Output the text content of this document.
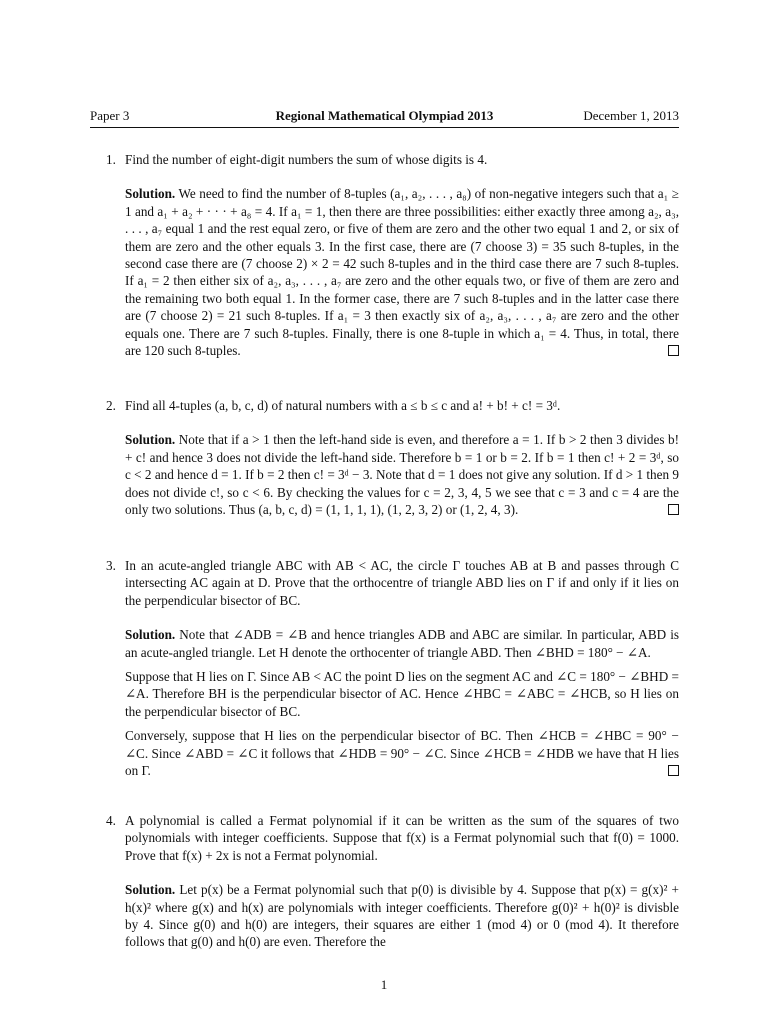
Paper 3	Regional Mathematical Olympiad 2013	December 1, 2013
1. Find the number of eight-digit numbers the sum of whose digits is 4.
Solution. We need to find the number of 8-tuples (a₁, a₂, . . . , a₈) of non-negative integers such that a₁ ≥ 1 and a₁ + a₂ + · · · + a₈ = 4. If a₁ = 1, then there are three possibilities: either exactly three among a₂, a₃, . . . , a₇ equal 1 and the rest equal zero, or five of them are zero and the other two equal 1 and 2, or six of them are zero and the other equals 3. In the first case, there are (7 choose 3) = 35 such 8-tuples, in the second case there are (7 choose 2) × 2 = 42 such 8-tuples and in the third case there are 7 such 8-tuples. If a₁ = 2 then either six of a₂, a₃, . . . , a₇ are zero and the other equals two, or five of them are zero and the remaining two both equal 1. In the former case, there are 7 such 8-tuples and in the latter case there are (7 choose 2) = 21 such 8-tuples. If a₁ = 3 then exactly six of a₂, a₃, . . . , a₇ are zero and the other equals one. There are 7 such 8-tuples. Finally, there is one 8-tuple in which a₁ = 4. Thus, in total, there are 120 such 8-tuples.
2. Find all 4-tuples (a, b, c, d) of natural numbers with a ≤ b ≤ c and a! + b! + c! = 3ᵈ.
Solution. Note that if a > 1 then the left-hand side is even, and therefore a = 1. If b > 2 then 3 divides b! + c! and hence 3 does not divide the left-hand side. Therefore b = 1 or b = 2. If b = 1 then c! + 2 = 3ᵈ, so c < 2 and hence d = 1. If b = 2 then c! = 3ᵈ − 3. Note that d = 1 does not give any solution. If d > 1 then 9 does not divide c!, so c < 6. By checking the values for c = 2, 3, 4, 5 we see that c = 3 and c = 4 are the only two solutions. Thus (a, b, c, d) = (1, 1, 1, 1), (1, 2, 3, 2) or (1, 2, 4, 3).
3. In an acute-angled triangle ABC with AB < AC, the circle Γ touches AB at B and passes through C intersecting AC again at D. Prove that the orthocentre of triangle ABD lies on Γ if and only if it lies on the perpendicular bisector of BC.
Solution. Note that ∠ADB = ∠B and hence triangles ADB and ABC are similar. In particular, ABD is an acute-angled triangle. Let H denote the orthocenter of triangle ABD. Then ∠BHD = 180° − ∠A.
Suppose that H lies on Γ. Since AB < AC the point D lies on the segment AC and ∠C = 180° − ∠BHD = ∠A. Therefore BH is the perpendicular bisector of AC. Hence ∠HBC = ∠ABC = ∠HCB, so H lies on the perpendicular bisector of BC.
Conversely, suppose that H lies on the perpendicular bisector of BC. Then ∠HCB = ∠HBC = 90° − ∠C. Since ∠ABD = ∠C it follows that ∠HDB = 90° − ∠C. Since ∠HCB = ∠HDB we have that H lies on Γ.
4. A polynomial is called a Fermat polynomial if it can be written as the sum of the squares of two polynomials with integer coefficients. Suppose that f(x) is a Fermat polynomial such that f(0) = 1000. Prove that f(x) + 2x is not a Fermat polynomial.
Solution. Let p(x) be a Fermat polynomial such that p(0) is divisible by 4. Suppose that p(x) = g(x)² + h(x)² where g(x) and h(x) are polynomials with integer coefficients. Therefore g(0)² + h(0)² is divisble by 4. Since g(0) and h(0) are integers, their squares are either 1 (mod 4) or 0 (mod 4). It therefore follows that g(0) and h(0) are even. Therefore the
1
